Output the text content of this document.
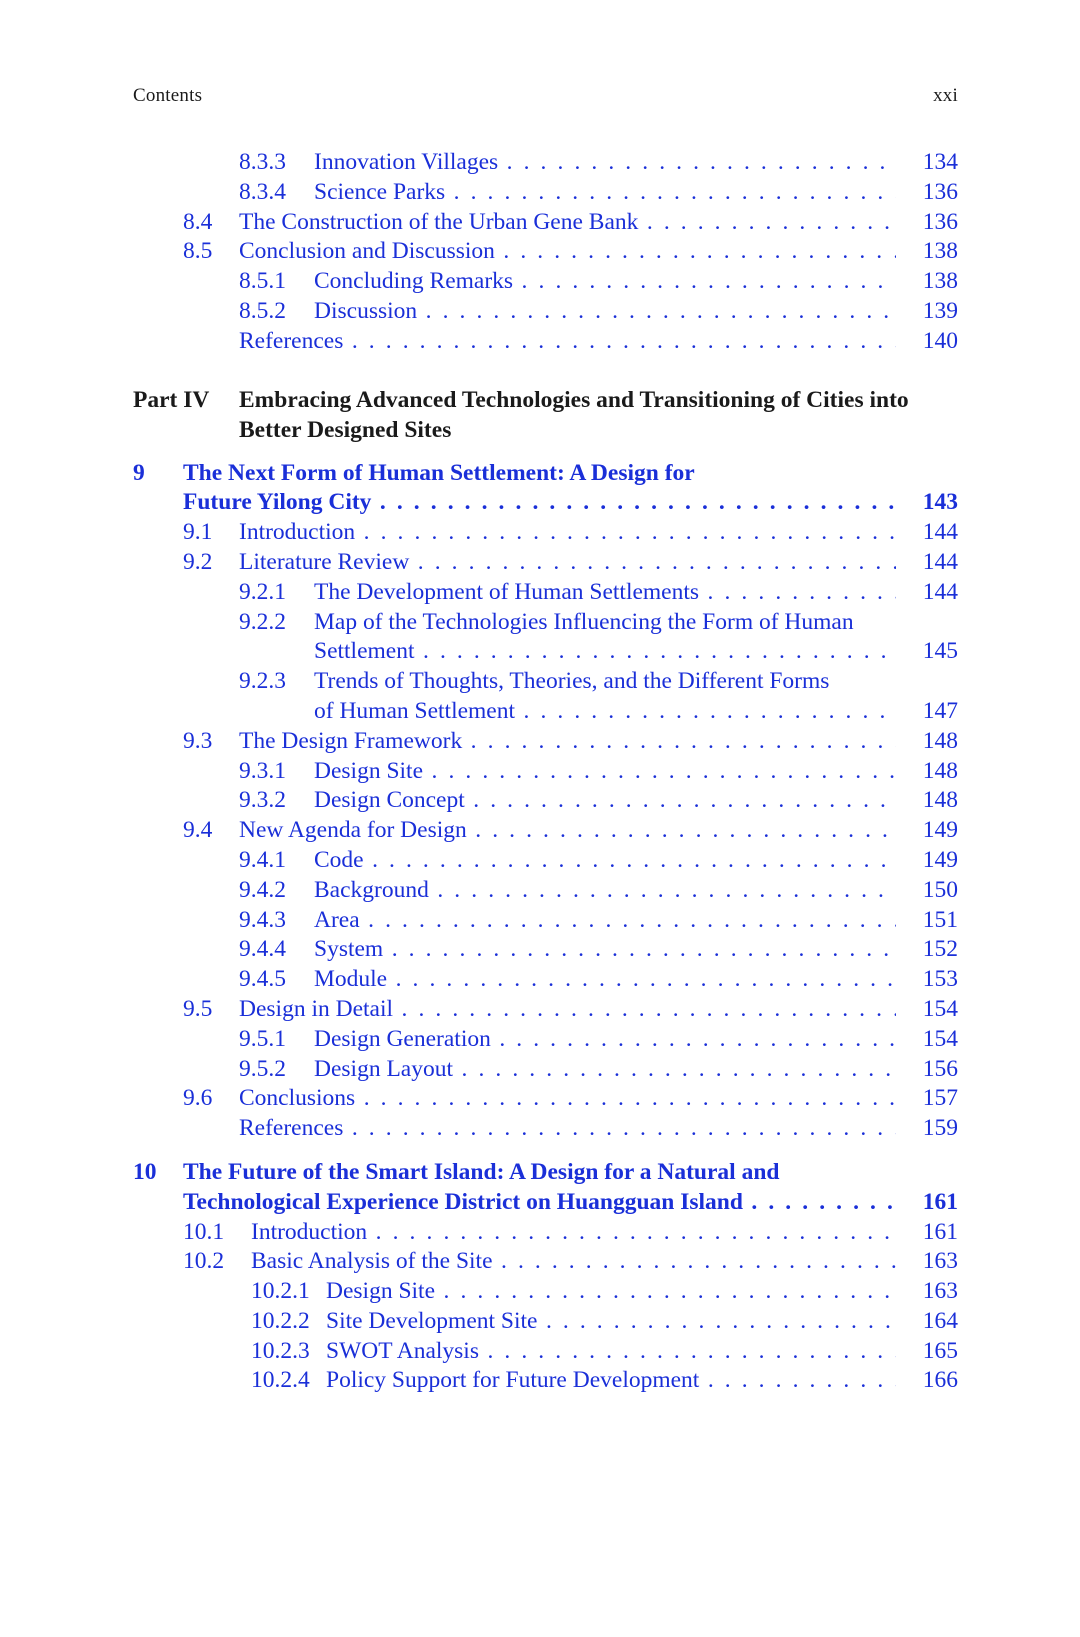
Contents	xxi
8.3.3 Innovation Villages . . .	134
8.3.4 Science Parks . . .	136
8.4 The Construction of the Urban Gene Bank . . .	136
8.5 Conclusion and Discussion . . .	138
8.5.1 Concluding Remarks . . .	138
8.5.2 Discussion . . .	139
References . . .	140
Part IV Embracing Advanced Technologies and Transitioning of Cities into Better Designed Sites
9 The Next Form of Human Settlement: A Design for
Future Yilong City . . .	143
9.1 Introduction . . .	144
9.2 Literature Review . . .	144
9.2.1 The Development of Human Settlements . . .	144
9.2.2 Map of the Technologies Influencing the Form of Human
Settlement . . .	145
9.2.3 Trends of Thoughts, Theories, and the Different Forms
of Human Settlement . . .	147
9.3 The Design Framework . . .	148
9.3.1 Design Site . . .	148
9.3.2 Design Concept . . .	148
9.4 New Agenda for Design . . .	149
9.4.1 Code . . .	149
9.4.2 Background . . .	150
9.4.3 Area . . .	151
9.4.4 System . . .	152
9.4.5 Module . . .	153
9.5 Design in Detail . . .	154
9.5.1 Design Generation . . .	154
9.5.2 Design Layout . . .	156
9.6 Conclusions . . .	157
References . . .	159
10 The Future of the Smart Island: A Design for a Natural and
Technological Experience District on Huangguan Island . . .	161
10.1 Introduction . . .	161
10.2 Basic Analysis of the Site . . .	163
10.2.1 Design Site . . .	163
10.2.2 Site Development Site . . .	164
10.2.3 SWOT Analysis . . .	165
10.2.4 Policy Support for Future Development . . .	166
